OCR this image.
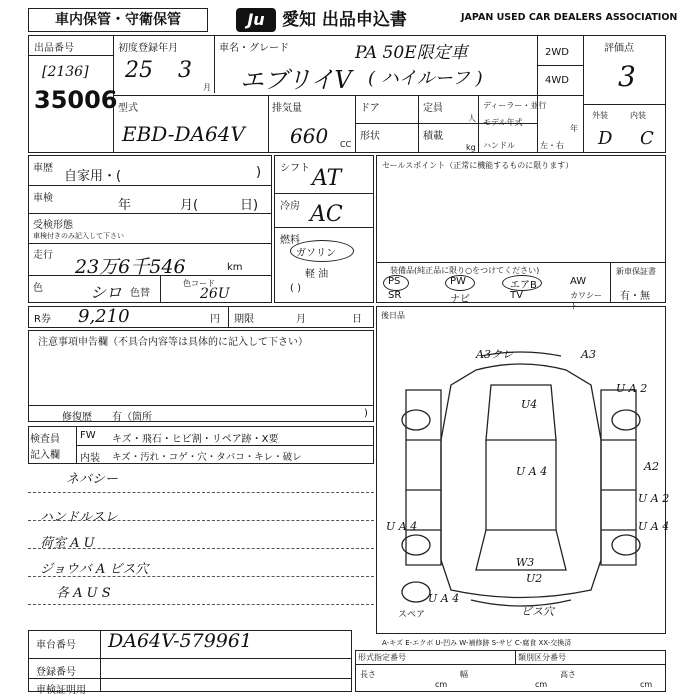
車内保管・守衛保管	Ju	愛知 出品申込書	JAPAN USED CAR DEALERS ASSOCIATION
出品番号
[2136]
35006
初度登録年月
25 3
月
車名・グレード	PA 50E限定車
エブリイV ( ハイルーフ )
型式
EBD-DA64V
排気量
660 CC
ドア	定員
人
形状	積載
kg
ディーラー・並行
モデル年式
年
ハンドル	左・右
2WD
4WD
評価点
3
外装	内装
D C
車歴
自家用・(	)
車検	年	月(	日)
受検形態
車検付きのみ記入して下さい
走行
23万6千546	km
色	シロ 色替
色コード
26U
シフト AT
冷房 AC
燃料
ガソリン
軽 油
( )
セールスポイント（正常に機能するものに限ります）
装備品(純正品に限り○をつけてください)
PS	PW	エアB	AW
SR	ナビ	TV	カワシート
新車保証書
有・無
R券 9,210	円 期限	月	日 後日品
注意事項申告欄（不具合内容等は具体的に記入して下さい）
修復歴 有（箇所	)
検査員
記入欄
FW キズ・飛石・ヒビ割・リペア跡・X要
内装 キズ・汚れ・コゲ・穴・タバコ・キレ・破レ
ネバシー
ハンドルスレ
荷室 A U
ジョウバ A ビス穴
各 A U S
A3クレ	A3
U4
U A 2
U A 4	A2
U A 2
U A 4
W3
U2
U A 4
U A 4
ビス穴
スペア
A-キズ E-エクボ U-凹み W-補修跡 S-サビ C-腐食 XX-交換済
車台番号 DA64V-579961
登録番号
車検証明用
形式指定番号	類別区分番号
長さ	幅	高さ
cm	cm	cm
